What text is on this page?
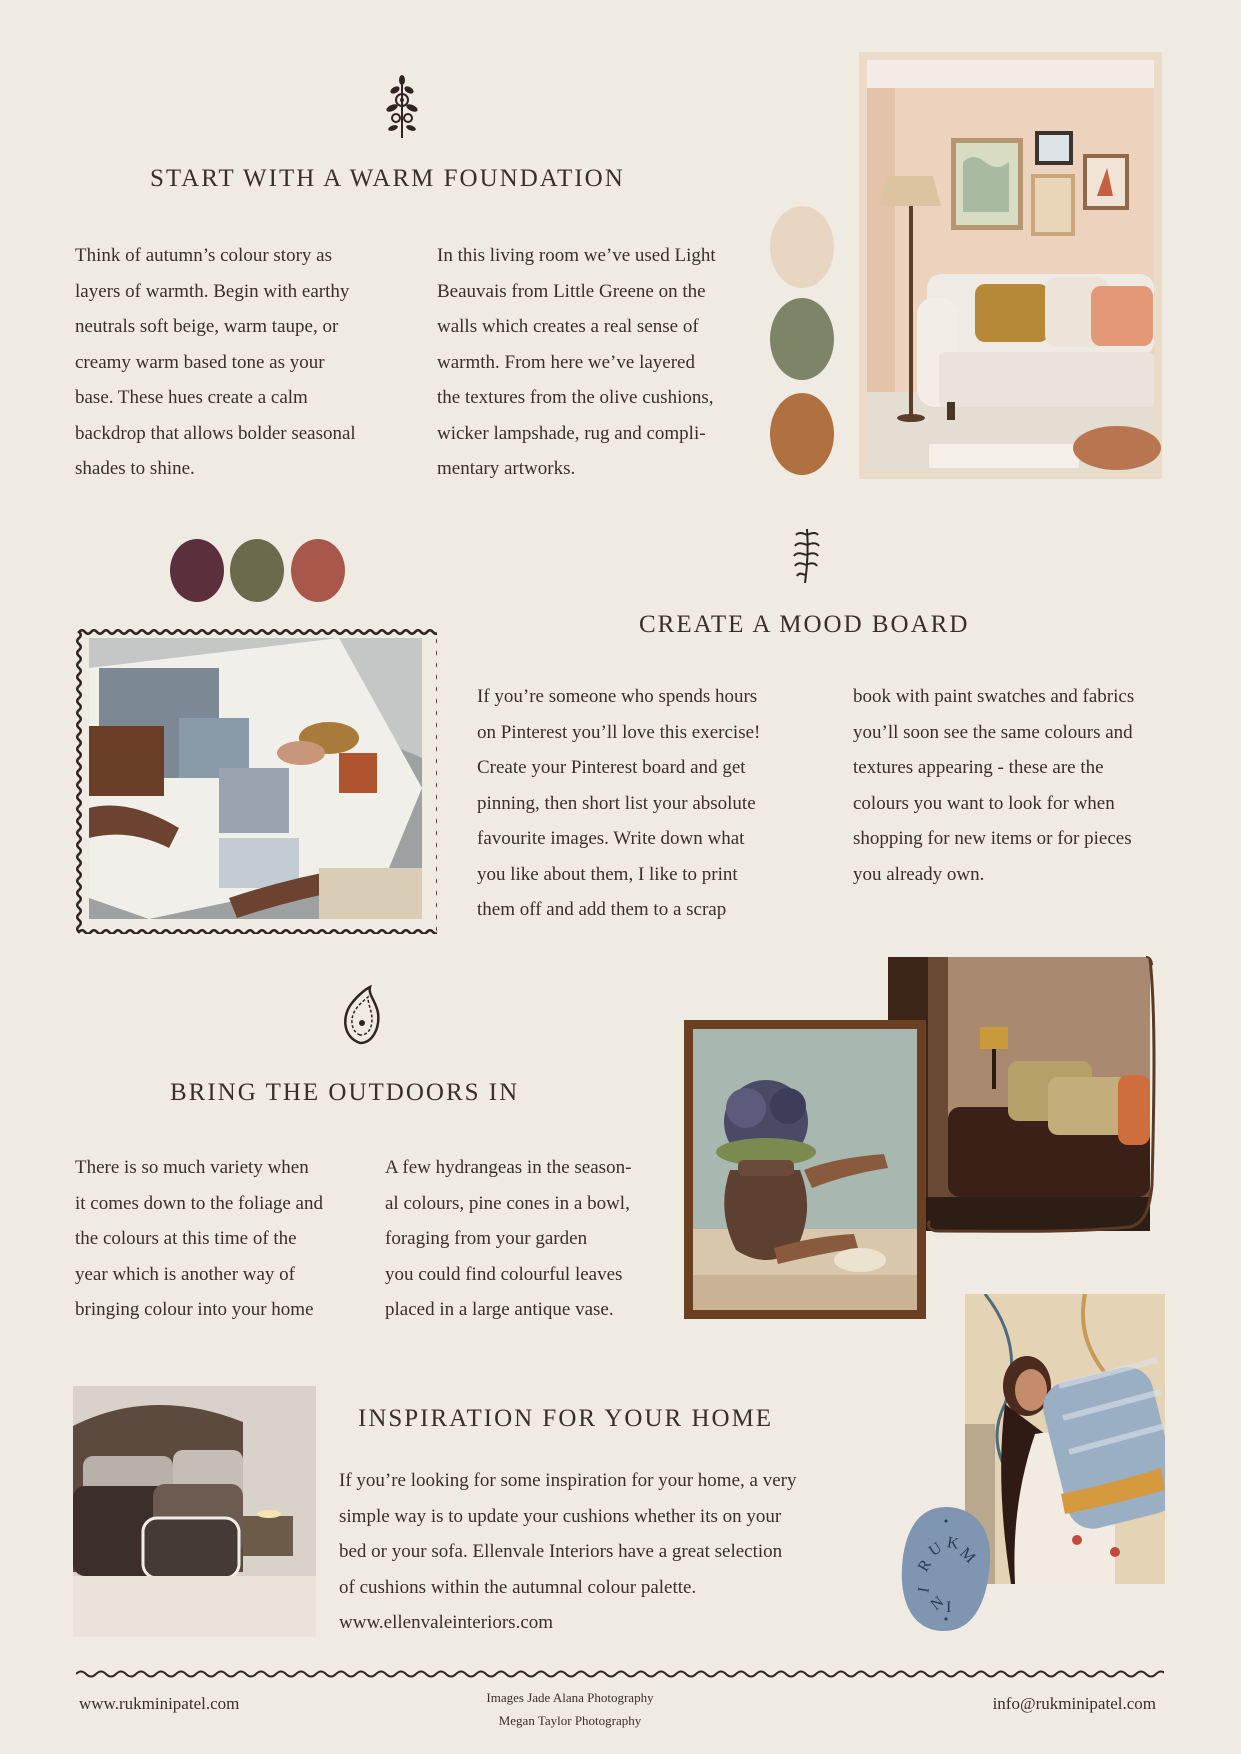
START WITH A WARM FOUNDATION
Think of autumn’s colour story as
layers of warmth. Begin with earthy
neutrals soft beige, warm taupe, or
creamy warm based tone as your
base. These hues create a calm
backdrop that allows bolder seasonal
shades to shine.
In this living room we’ve used Light
Beauvais from Little Greene on the
walls which creates a real sense of
warmth. From here we’ve layered
the textures from the olive cushions,
wicker lampshade, rug and compli-
mentary artworks.
CREATE A MOOD BOARD
If you’re someone who spends hours
on Pinterest you’ll love this exercise!
Create your Pinterest board and get
pinning, then short list your absolute
favourite images. Write down what
you like about them, I like to print
them off and add them to a scrap
book with paint swatches and fabrics
you’ll soon see the same colours and
textures appearing - these are the
colours you want to look for when
shopping for new items or for pieces
you already own.
BRING THE OUTDOORS IN
There is so much variety when
it comes down to the foliage and
the colours at this time of the
year which is another way of
bringing colour into your home
A few hydrangeas in the season-
al colours, pine cones in a bowl,
foraging from your garden
you could find colourful leaves
placed in a large antique vase.
INSPIRATION FOR YOUR HOME
If you’re looking for some inspiration for your home, a very
simple way is to update your cushions whether its on your
bed or your sofa. Ellenvale Interiors have a great selection
of cushions within the autumnal colour palette.
www.ellenvaleinteriors.com
R
U K
M
I
N
I
www.rukminipatel.com	Images Jade Alana Photography
Megan Taylor Photography
info@rukminipatel.com
